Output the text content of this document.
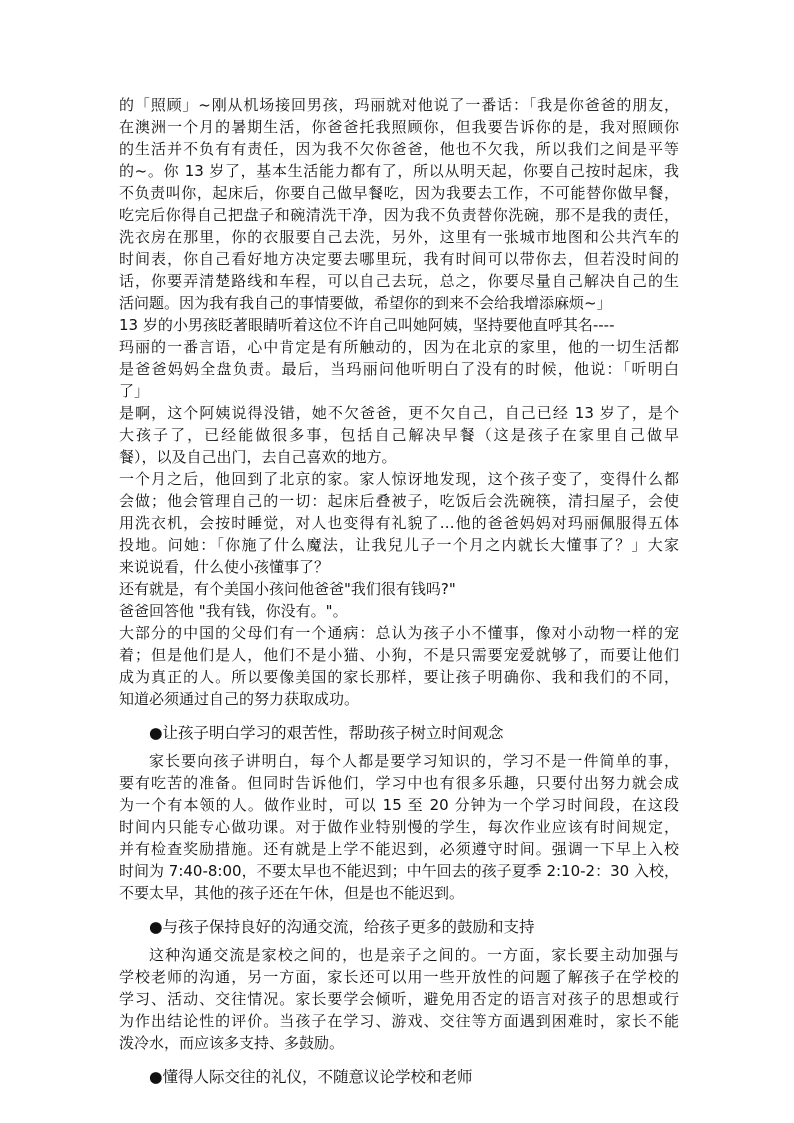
的「照顾」~刚从机场接回男孩，玛丽就对他说了一番话：「我是你爸爸的朋友，
在澳洲一个月的暑期生活，你爸爸托我照顾你，但我要告诉你的是，我对照顾你
的生活并不负有有责任，因为我不欠你爸爸，他也不欠我，所以我们之间是平等
的~。你 13 岁了，基本生活能力都有了，所以从明天起，你要自己按时起床，我
不负责叫你，起床后，你要自己做早餐吃，因为我要去工作，不可能替你做早餐，
吃完后你得自己把盘子和碗清洗干净，因为我不负责替你洗碗，那不是我的责任，
洗衣房在那里，你的衣服要自己去洗，另外，这里有一张城市地图和公共汽车的
时间表，你自己看好地方决定要去哪里玩，我有时间可以带你去，但若没时间的
话，你要弄清楚路线和车程，可以自己去玩，总之，你要尽量自己解决自己的生
活问题。因为我有我自己的事情要做，希望你的到来不会给我增添麻烦~」
13 岁的小男孩眨著眼睛听着这位不许自己叫她阿姨，坚持要他直呼其名----
玛丽的一番言语，心中肯定是有所触动的，因为在北京的家里，他的一切生活都
是爸爸妈妈全盘负责。最后，当玛丽问他听明白了没有的时候，他说：「听明白
了」
是啊，这个阿姨说得没错，她不欠爸爸，更不欠自己，自己已经 13 岁了，是个
大孩子了，已经能做很多事，包括自己解决早餐（这是孩子在家里自己做早
餐），以及自己出门，去自己喜欢的地方。
一个月之后，他回到了北京的家。家人惊讶地发现，这个孩子变了，变得什么都
会做；他会管理自己的一切：起床后叠被子，吃饭后会洗碗筷，清扫屋子，会使
用洗衣机，会按时睡觉，对人也变得有礼貌了…他的爸爸妈妈对玛丽佩服得五体
投地。问她：「你施了什么魔法，让我兒儿子一个月之内就长大懂事了？」大家
来说说看，什么使小孩懂事了？
还有就是，有个美国小孩问他爸爸"我们很有钱吗?"
爸爸回答他 "我有钱，你没有。"。
大部分的中国的父母们有一个通病：总认为孩子小不懂事，像对小动物一样的宠
着；但是他们是人，他们不是小猫、小狗，不是只需要宠爱就够了，而要让他们
成为真正的人。所以要像美国的家长那样，要让孩子明确你、我和我们的不同，
知道必须通过自己的努力获取成功。
●让孩子明白学习的艰苦性，帮助孩子树立时间观念
家长要向孩子讲明白，每个人都是要学习知识的，学习不是一件简单的事，
要有吃苦的准备。但同时告诉他们，学习中也有很多乐趣，只要付出努力就会成
为一个有本领的人。做作业时，可以 15 至 20 分钟为一个学习时间段，在这段
时间内只能专心做功课。对于做作业特别慢的学生，每次作业应该有时间规定，
并有检查奖励措施。还有就是上学不能迟到，必须遵守时间。强调一下早上入校
时间为 7:40-8:00，不要太早也不能迟到；中午回去的孩子夏季 2:10-2：30 入校，
不要太早，其他的孩子还在午休，但是也不能迟到。
●与孩子保持良好的沟通交流，给孩子更多的鼓励和支持
这种沟通交流是家校之间的，也是亲子之间的。一方面，家长要主动加强与
学校老师的沟通，另一方面，家长还可以用一些开放性的问题了解孩子在学校的
学习、活动、交往情况。家长要学会倾听，避免用否定的语言对孩子的思想或行
为作出结论性的评价。当孩子在学习、游戏、交往等方面遇到困难时，家长不能
泼冷水，而应该多支持、多鼓励。
●懂得人际交往的礼仪，不随意议论学校和老师
